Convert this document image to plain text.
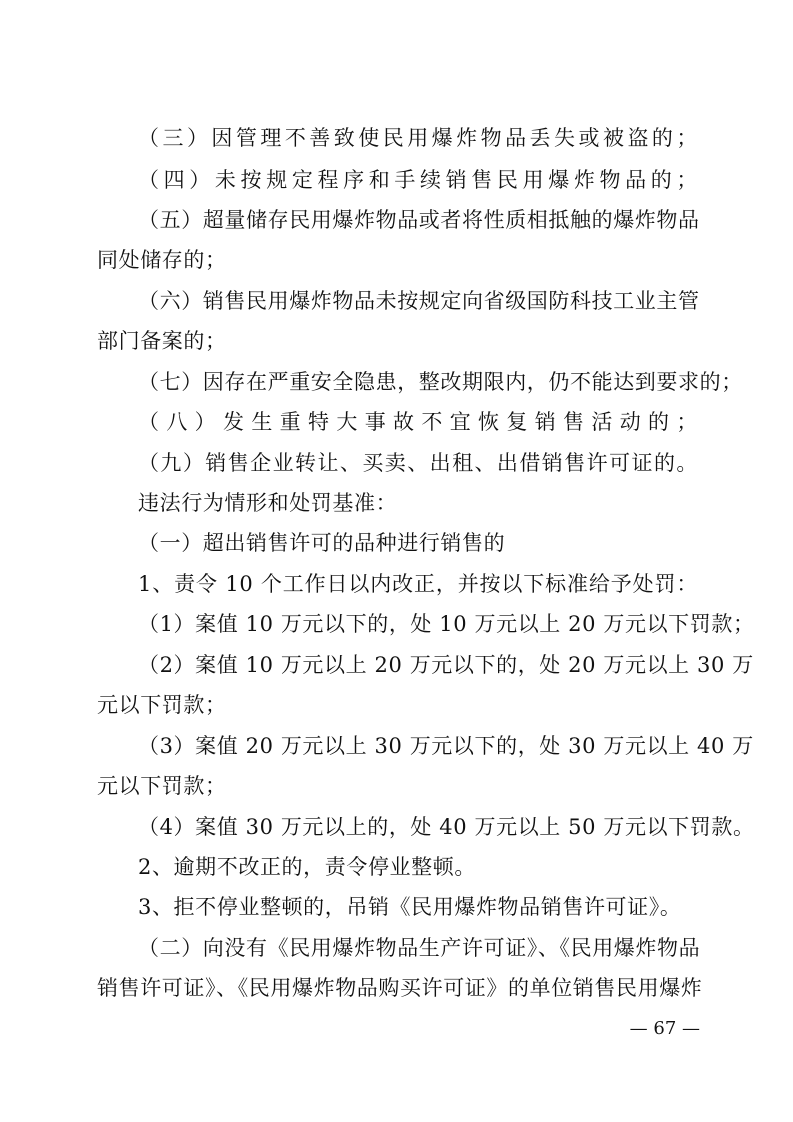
（三）因管理不善致使民用爆炸物品丢失或被盗的；
（四）未按规定程序和手续销售民用爆炸物品的；
（五）超量储存民用爆炸物品或者将性质相抵触的爆炸物品
同处储存的；
（六）销售民用爆炸物品未按规定向省级国防科技工业主管
部门备案的；
（七）因存在严重安全隐患，整改期限内，仍不能达到要求的；
（八）发生重特大事故不宜恢复销售活动的；
（九）销售企业转让、买卖、出租、出借销售许可证的。
违法行为情形和处罚基准：
（一）超出销售许可的品种进行销售的
1、责令 10 个工作日以内改正，并按以下标准给予处罚：
（1）案值 10 万元以下的，处 10 万元以上 20 万元以下罚款；
（2）案值 10 万元以上 20 万元以下的，处 20 万元以上 30 万
元以下罚款；
（3）案值 20 万元以上 30 万元以下的，处 30 万元以上 40 万
元以下罚款；
（4）案值 30 万元以上的，处 40 万元以上 50 万元以下罚款。
2、逾期不改正的，责令停业整顿。
3、拒不停业整顿的，吊销《民用爆炸物品销售许可证》。
（二）向没有《民用爆炸物品生产许可证》、《民用爆炸物品
销售许可证》、《民用爆炸物品购买许可证》的单位销售民用爆炸
— 67 —
